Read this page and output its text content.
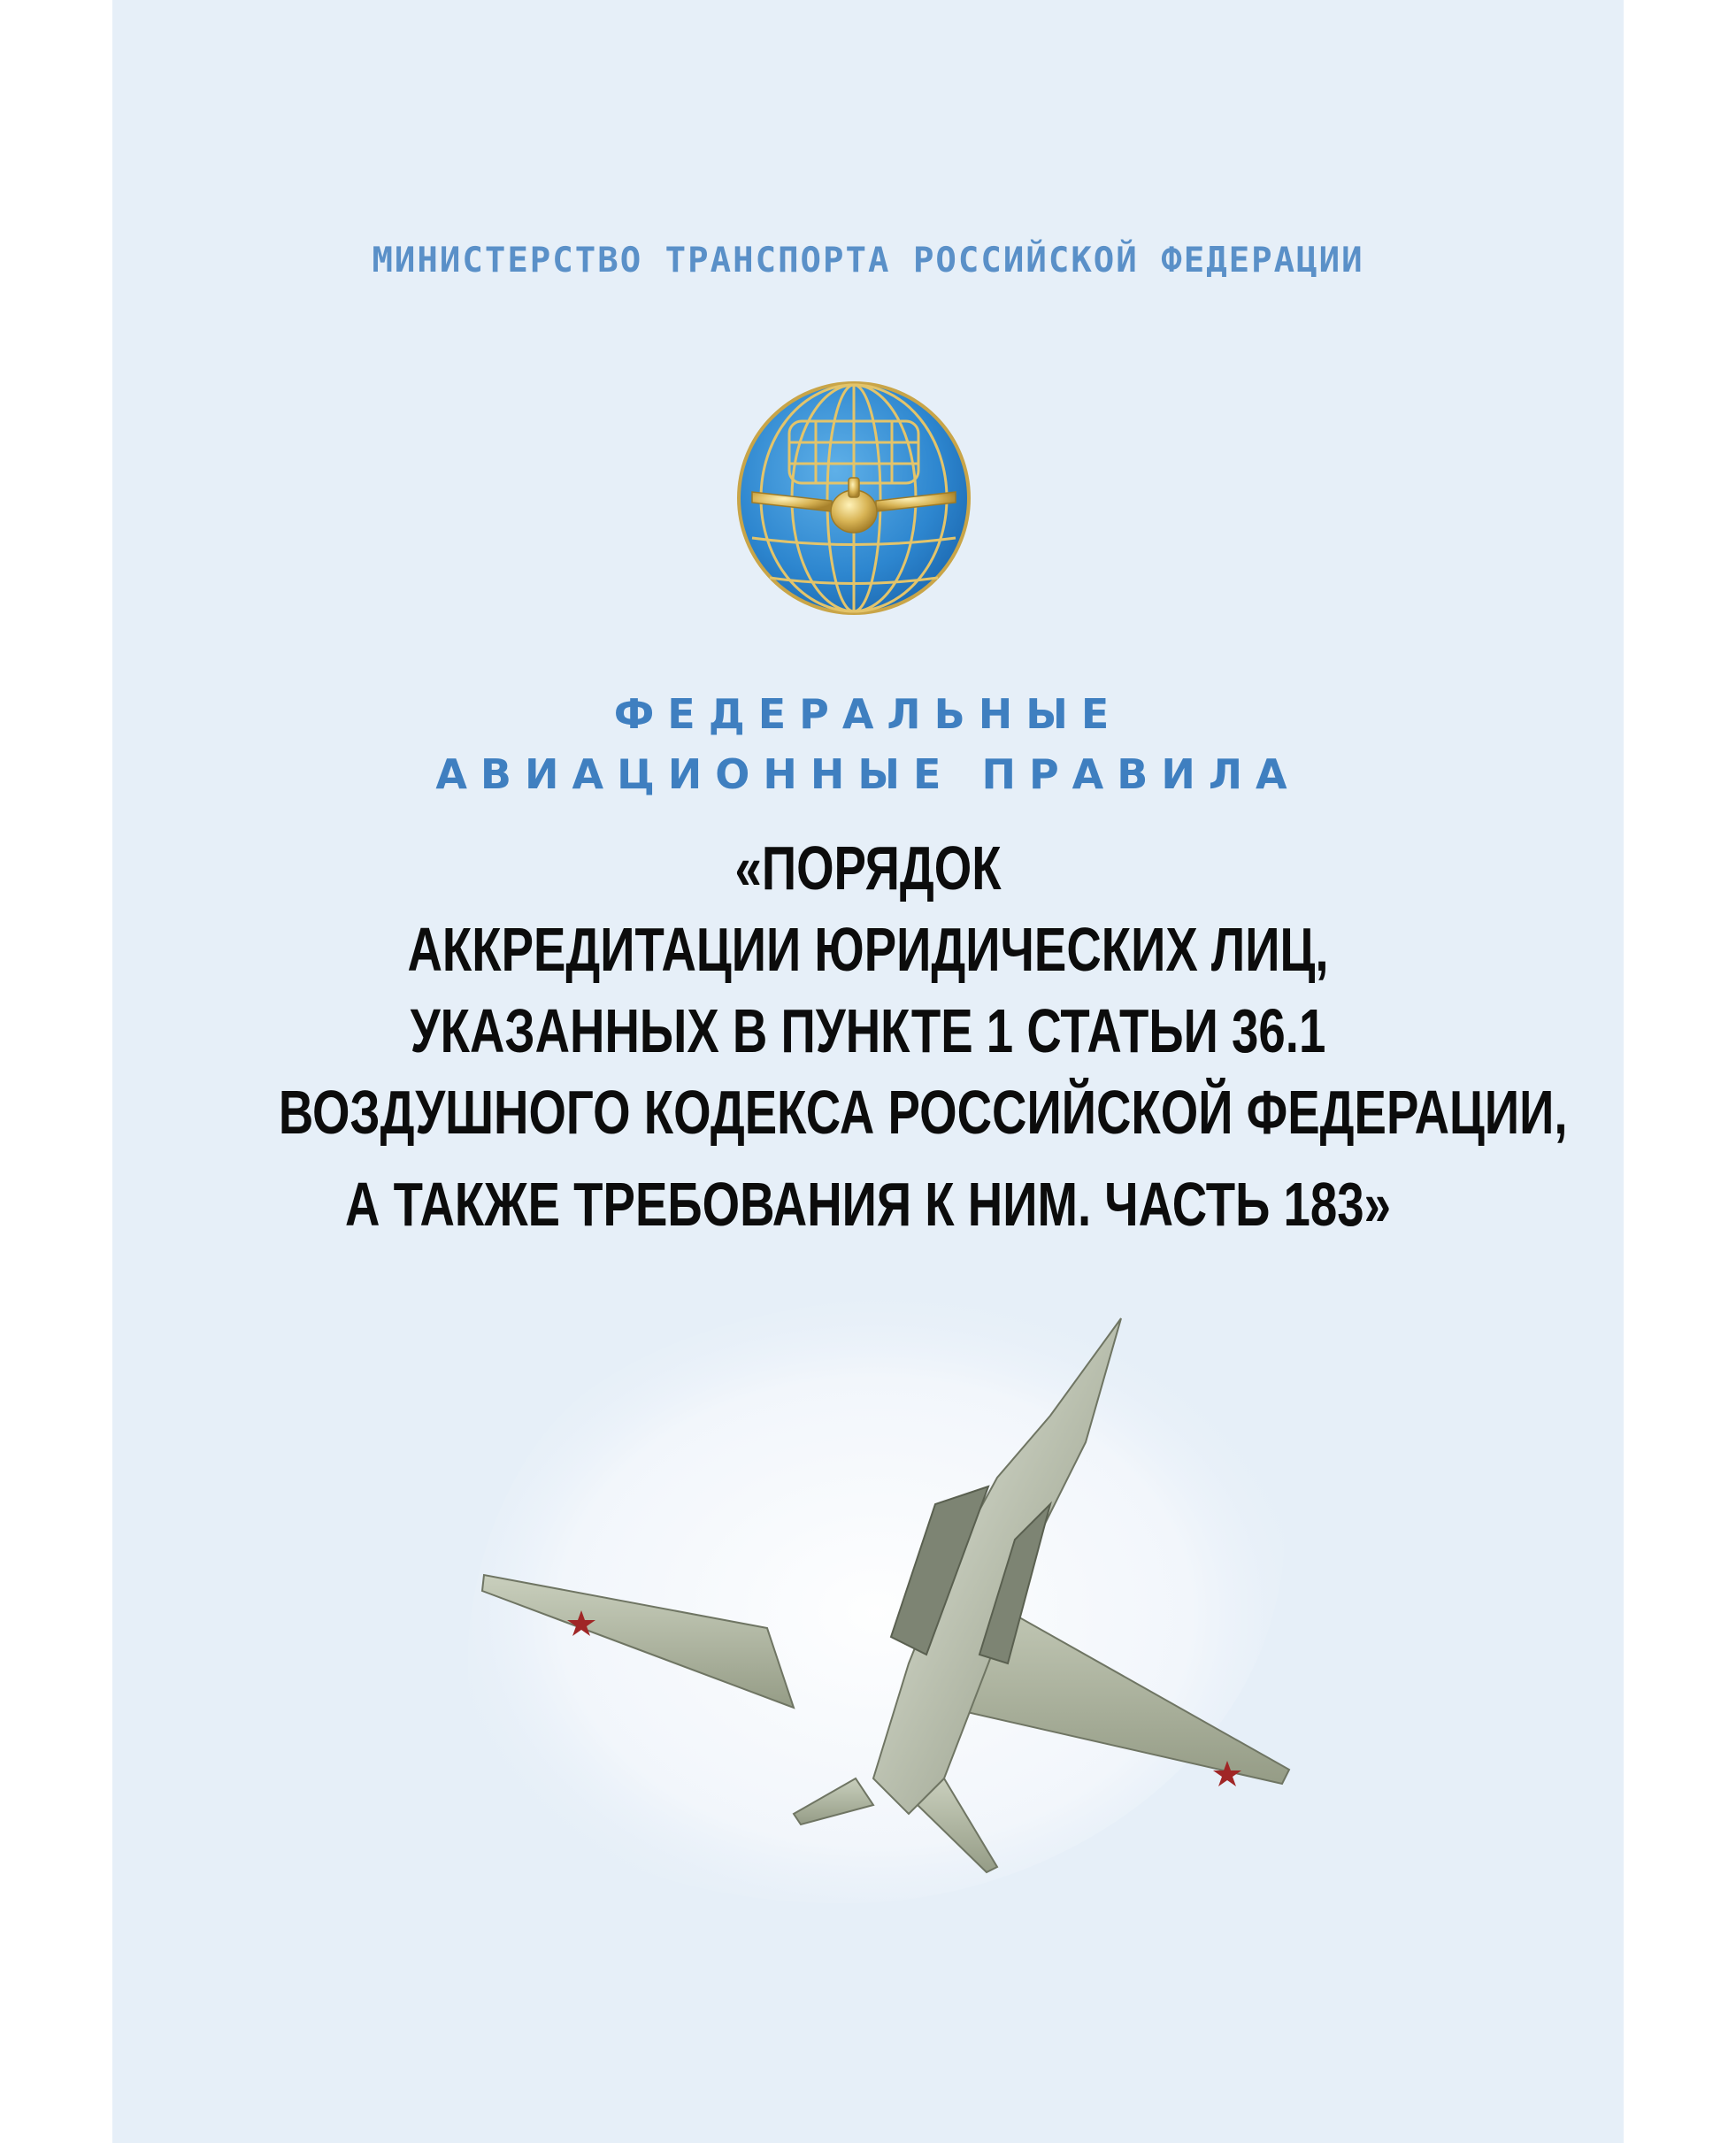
МИНИСТЕРСТВО ТРАНСПОРТА РОССИЙСКОЙ ФЕДЕРАЦИИ
ФЕДЕРАЛЬНЫЕ
АВИАЦИОННЫЕ ПРАВИЛА
«ПОРЯДОК
АККРЕДИТАЦИИ ЮРИДИЧЕСКИХ ЛИЦ,
УКАЗАННЫХ В ПУНКТЕ 1 СТАТЬИ 36.1
ВОЗДУШНОГО КОДЕКСА РОССИЙСКОЙ ФЕДЕРАЦИИ,
А ТАКЖЕ ТРЕБОВАНИЯ К НИМ. ЧАСТЬ 183»
